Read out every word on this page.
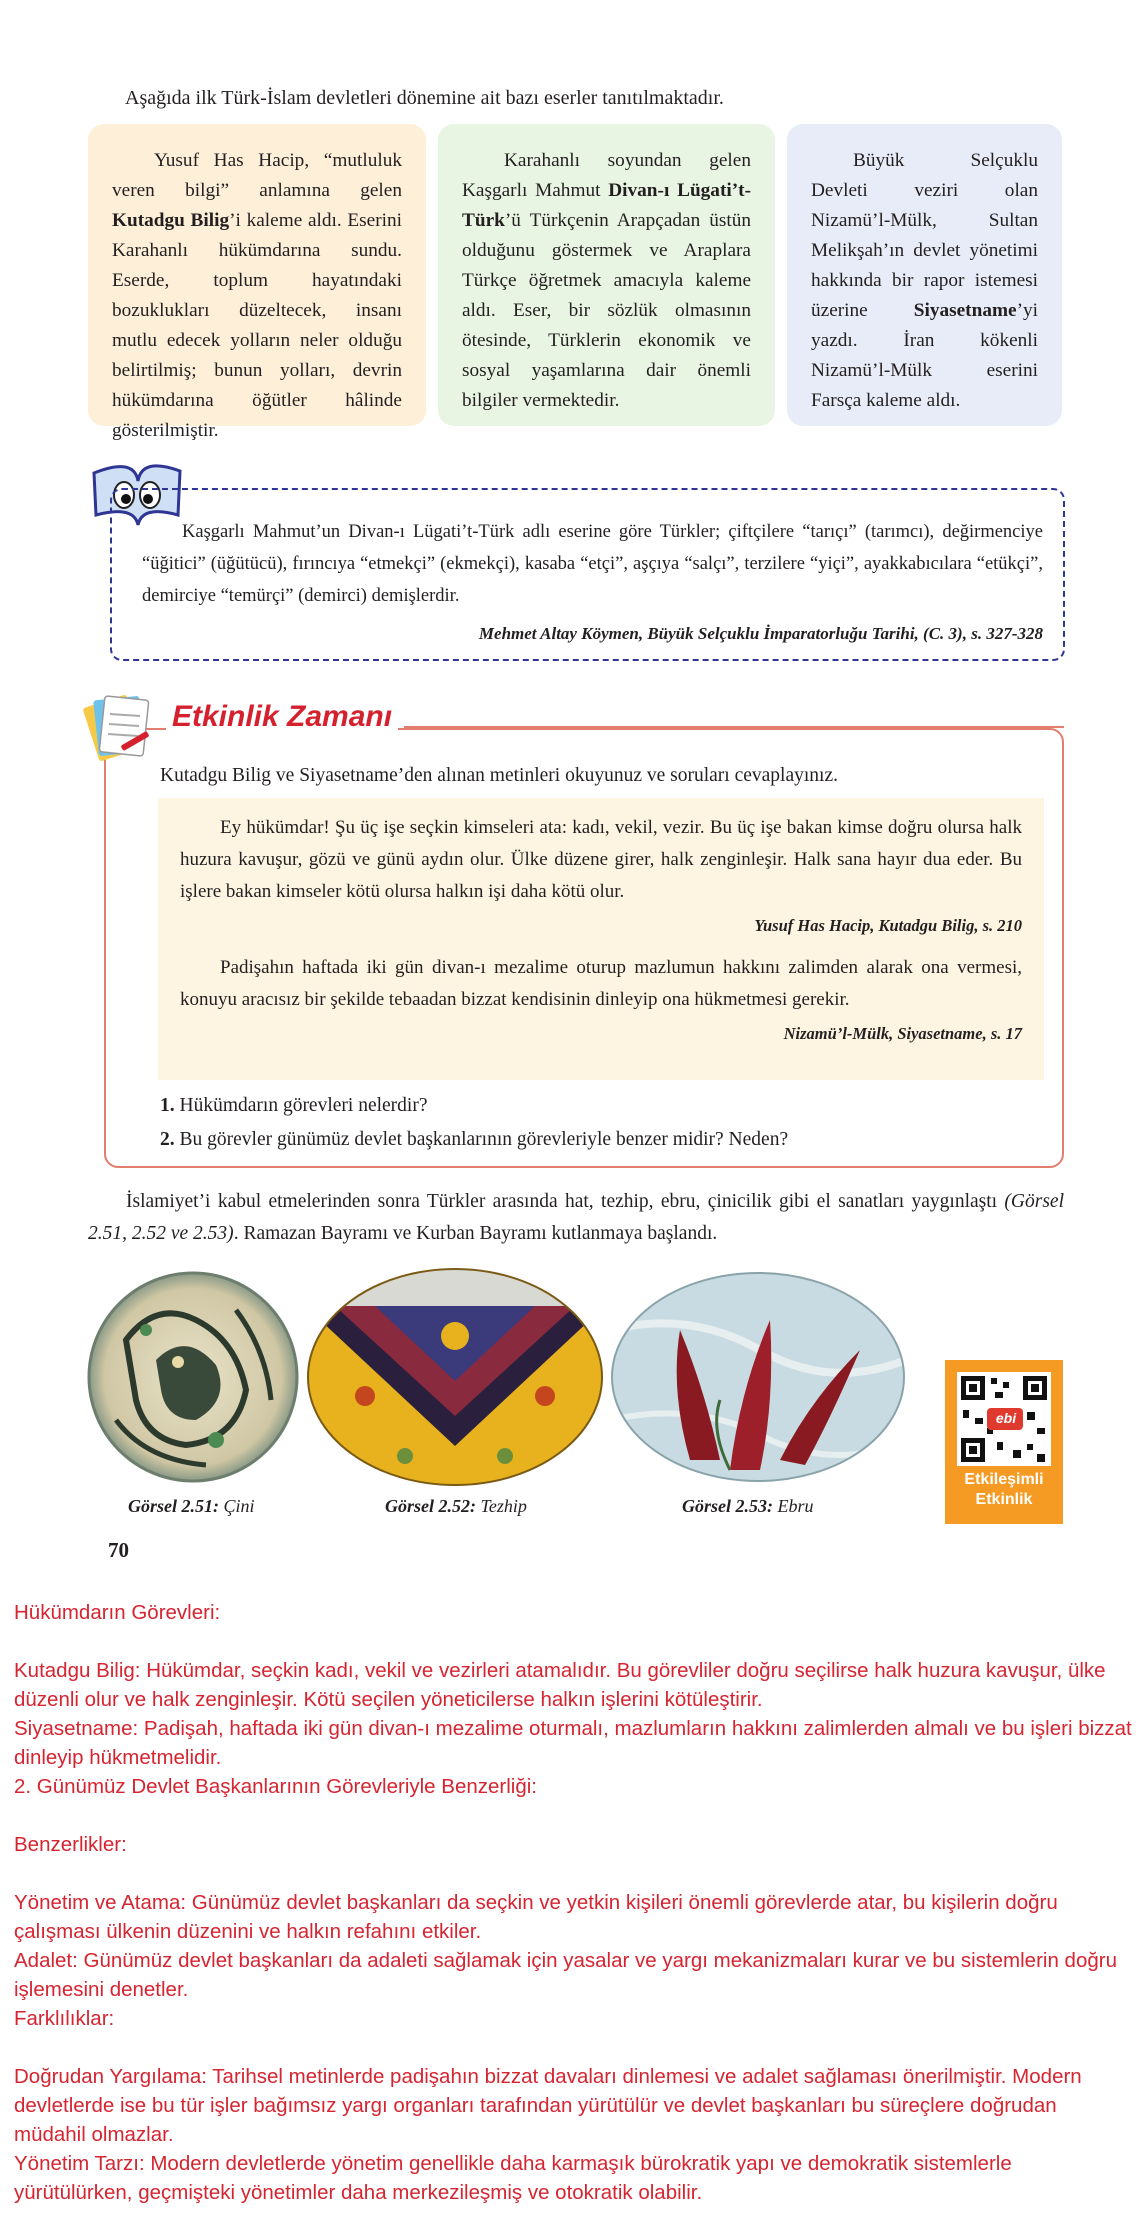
Aşağıda ilk Türk-İslam devletleri dönemine ait bazı eserler tanıtılmaktadır.

Yusuf Has Hacip, “mutluluk veren bilgi” anlamına gelen Kutadgu Bilig’i kaleme aldı. Eserini Karahanlı hükümdarına sundu. Eserde, toplum hayatındaki bozuklukları düzeltecek, insanı mutlu edecek yolların neler olduğu belirtilmiş; bunun yolları, devrin hükümdarına öğütler hâlinde gösterilmiştir.

Karahanlı soyundan gelen Kaşgarlı Mahmut Divan-ı Lügati’t-Türk’ü Türkçenin Arapçadan üstün olduğunu göstermek ve Araplara Türkçe öğretmek amacıyla kaleme aldı. Eser, bir sözlük olmasının ötesinde, Türklerin ekonomik ve sosyal yaşamlarına dair önemli bilgiler vermektedir.

Büyük Selçuklu Devleti veziri olan Nizamü’l-Mülk, Sultan Melikşah’ın devlet yönetimi hakkında bir rapor istemesi üzerine Siyasetname’yi yazdı. İran kökenli Nizamü’l-Mülk eserini Farsça kaleme aldı.

Kaşgarlı Mahmut’un Divan-ı Lügati’t-Türk adlı eserine göre Türkler; çiftçilere “tarıçı” (tarımcı), değirmenciye “üğitici” (üğütücü), fırıncıya “etmekçi” (ekmekçi), kasaba “etçi”, aşçıya “salçı”, terzilere “yiçi”, ayakkabıcılara “etükçi”, demirciye “temürçi” (demirci) demişlerdir.

Mehmet Altay Köymen, Büyük Selçuklu İmparatorluğu Tarihi, (C. 3), s. 327-328
Etkinlik Zamanı
Kutadgu Bilig ve Siyasetname’den alınan metinleri okuyunuz ve soruları cevaplayınız.

Ey hükümdar! Şu üç işe seçkin kimseleri ata: kadı, vekil, vezir. Bu üç işe bakan kimse doğru olursa halk huzura kavuşur, gözü ve günü aydın olur. Ülke düzene girer, halk zenginleşir. Halk sana hayır dua eder. Bu işlere bakan kimseler kötü olursa halkın işi daha kötü olur.

Yusuf Has Hacip, Kutadgu Bilig, s. 210

Padişahın haftada iki gün divan-ı mezalime oturup mazlumun hakkını zalimden alarak ona vermesi, konuyu aracısız bir şekilde tebaadan bizzat kendisinin dinleyip ona hükmetmesi gerekir.

Nizamü’l-Mülk, Siyasetname, s. 17
1. Hükümdarın görevleri nelerdir?
2. Bu görevler günümüz devlet başkanlarının görevleriyle benzer midir? Neden?

İslamiyet’i kabul etmelerinden sonra Türkler arasında hat, tezhip, ebru, çinicilik gibi el sanatları yaygınlaştı (Görsel 2.51, 2.52 ve 2.53). Ramazan Bayramı ve Kurban Bayramı kutlanmaya başlandı.

ebi
Etkileşimli
Etkinlik
Görsel 2.51: Çini	Görsel 2.52: Tezhip	Görsel 2.53: Ebru
70
Hükümdarın Görevleri:
Kutadgu Bilig: Hükümdar, seçkin kadı, vekil ve vezirleri atamalıdır. Bu görevliler doğru seçilirse halk huzura kavuşur, ülke düzenli olur ve halk zenginleşir. Kötü seçilen yöneticilerse halkın işlerini kötüleştirir.
Siyasetname: Padişah, haftada iki gün divan-ı mezalime oturmalı, mazlumların hakkını zalimlerden almalı ve bu işleri bizzat dinleyip hükmetmelidir.
2. Günümüz Devlet Başkanlarının Görevleriyle Benzerliği:
Benzerlikler:
Yönetim ve Atama: Günümüz devlet başkanları da seçkin ve yetkin kişileri önemli görevlerde atar, bu kişilerin doğru çalışması ülkenin düzenini ve halkın refahını etkiler.
Adalet: Günümüz devlet başkanları da adaleti sağlamak için yasalar ve yargı mekanizmaları kurar ve bu sistemlerin doğru işlemesini denetler.
Farklılıklar:
Doğrudan Yargılama: Tarihsel metinlerde padişahın bizzat davaları dinlemesi ve adalet sağlaması önerilmiştir. Modern devletlerde ise bu tür işler bağımsız yargı organları tarafından yürütülür ve devlet başkanları bu süreçlere doğrudan müdahil olmazlar.
Yönetim Tarzı: Modern devletlerde yönetim genellikle daha karmaşık bürokratik yapı ve demokratik sistemlerle yürütülürken, geçmişteki yönetimler daha merkezileşmiş ve otokratik olabilir.
